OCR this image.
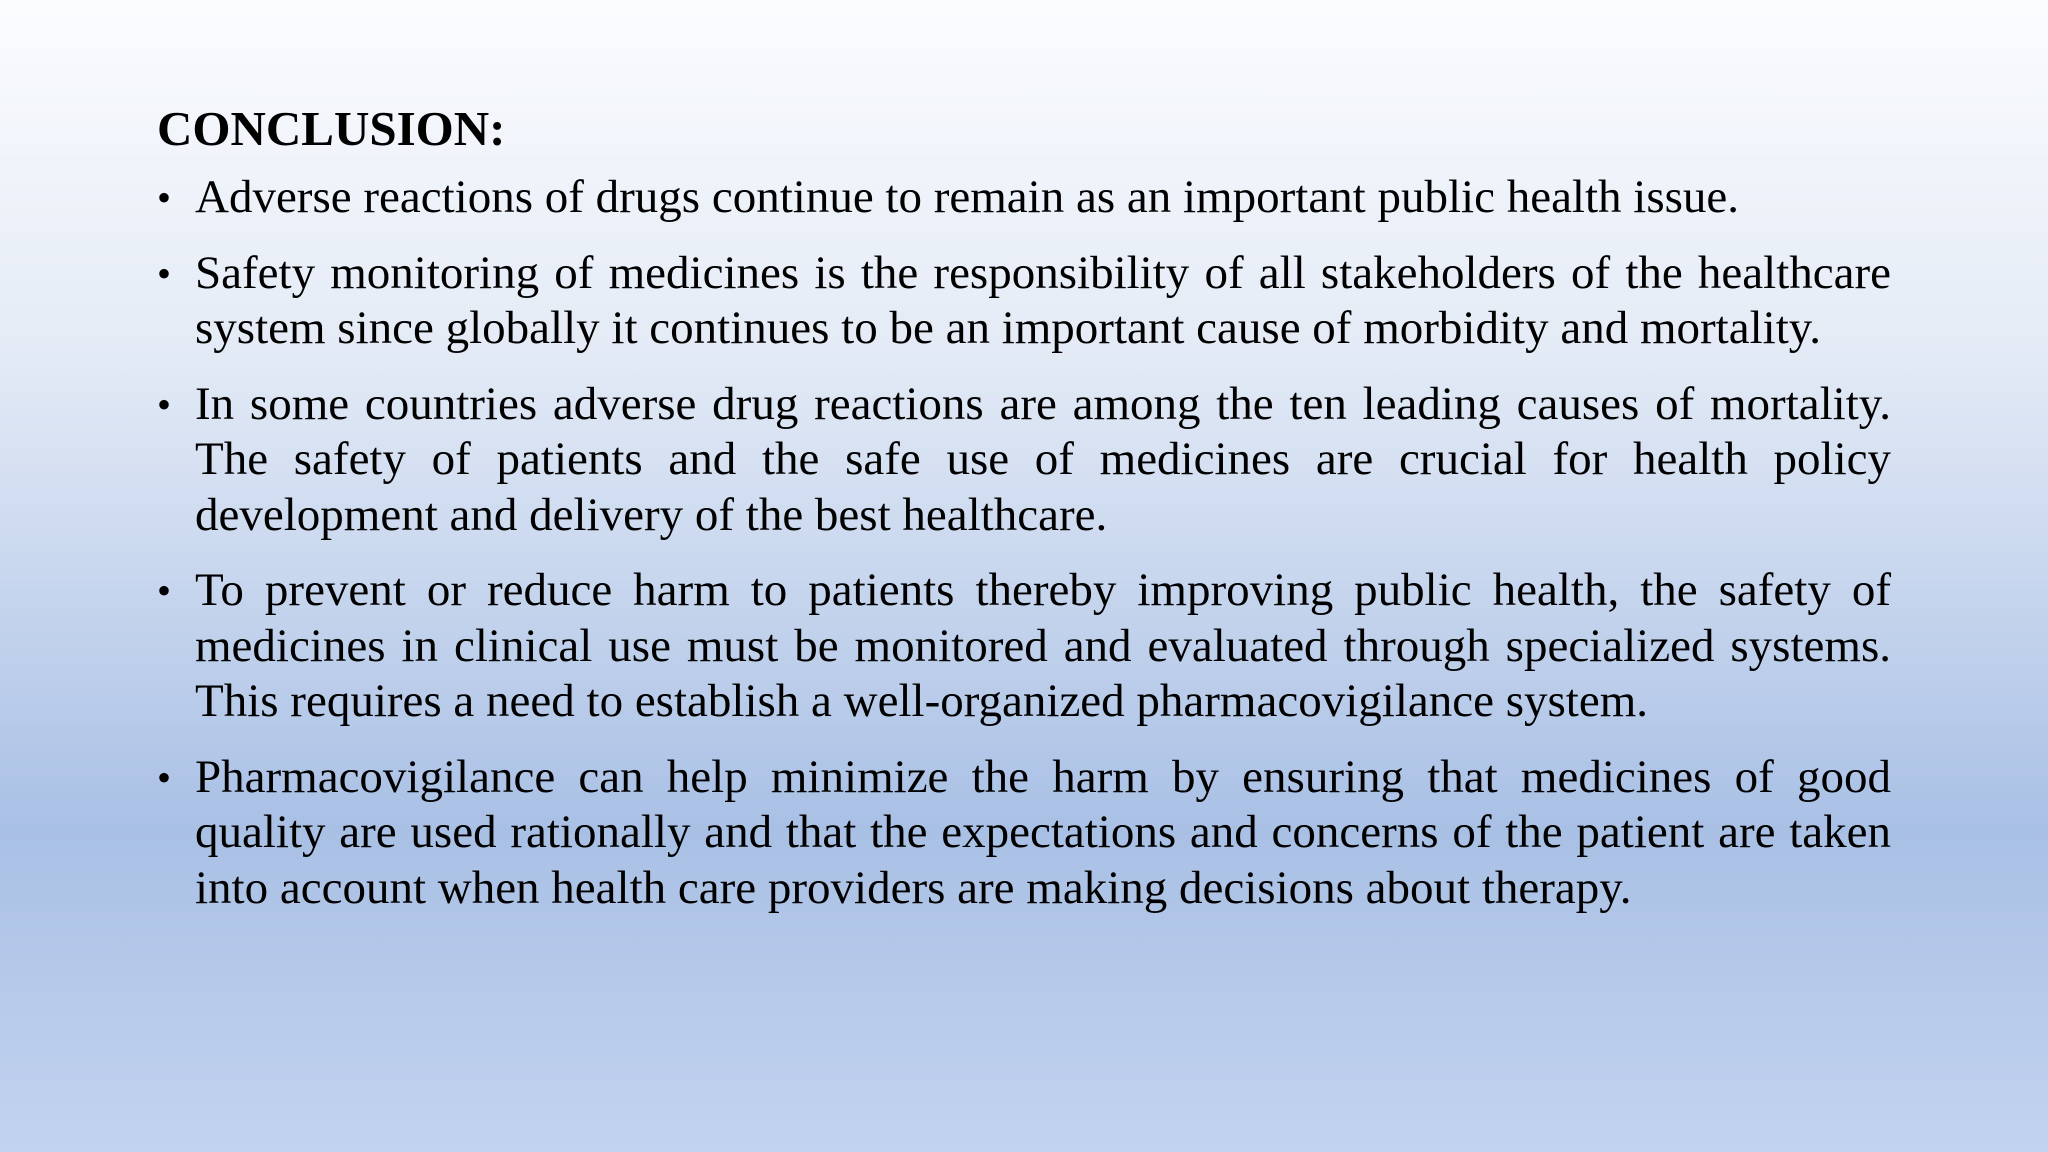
CONCLUSION:
• Adverse reactions of drugs continue to remain as an important public health issue.
• Safety monitoring of medicines is the responsibility of all stakeholders of the healthcare system since globally it continues to be an important cause of morbidity and mortality.
• In some countries adverse drug reactions are among the ten leading causes of mortality. The safety of patients and the safe use of medicines are crucial for health policy development and delivery of the best healthcare.
• To prevent or reduce harm to patients thereby improving public health, the safety of medicines in clinical use must be monitored and evaluated through specialized systems. This requires a need to establish a well-organized pharmacovigilance system.
• Pharmacovigilance can help minimize the harm by ensuring that medicines of good quality are used rationally and that the expectations and concerns of the patient are taken into account when health care providers are making decisions about therapy.
